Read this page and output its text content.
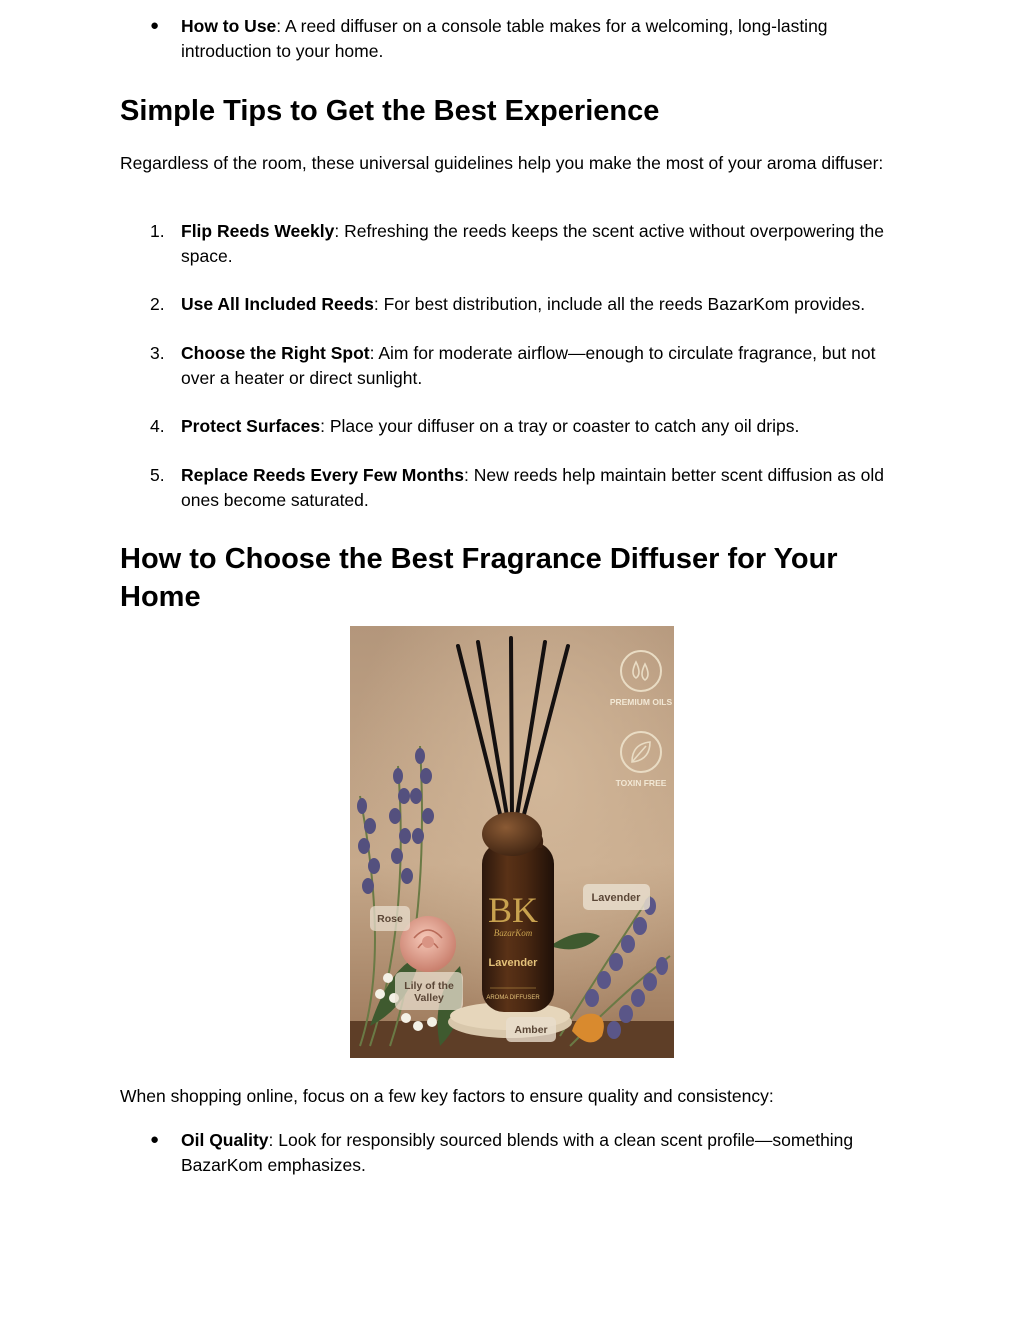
● How to Use: A reed diffuser on a console table makes for a welcoming, long-lasting introduction to your home.
Simple Tips to Get the Best Experience
Regardless of the room, these universal guidelines help you make the most of your aroma diffuser:
1. Flip Reeds Weekly: Refreshing the reeds keeps the scent active without overpowering the space.
2. Use All Included Reeds: For best distribution, include all the reeds BazarKom provides.
3. Choose the Right Spot: Aim for moderate airflow—enough to circulate fragrance, but not over a heater or direct sunlight.
4. Protect Surfaces: Place your diffuser on a tray or coaster to catch any oil drips.
5. Replace Reeds Every Few Months: New reeds help maintain better scent diffusion as old ones become saturated.
How to Choose the Best Fragrance Diffuser for Your Home
BK
BazarKom
Lavender
AROMA DIFFUSER
PREMIUM OILS
TOXIN FREE
Lavender
Rose
Lily of the
Valley
Amber
When shopping online, focus on a few key factors to ensure quality and consistency:
● Oil Quality: Look for responsibly sourced blends with a clean scent profile—something BazarKom emphasizes.
